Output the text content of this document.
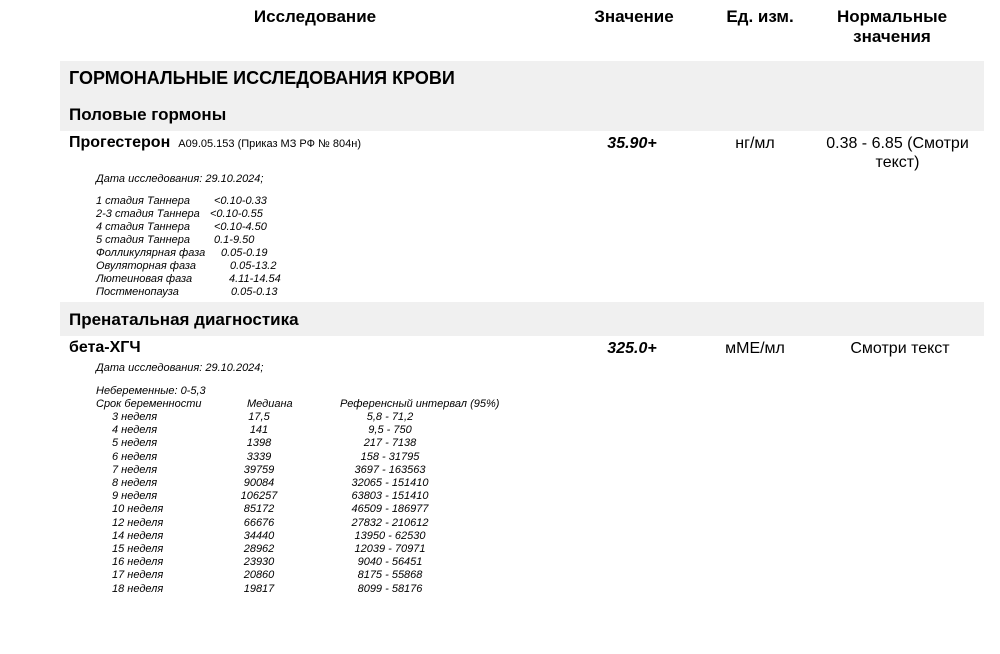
Исследование	Значение	Ед. изм.	Нормальные
значения
ГОРМОНАЛЬНЫЕ ИССЛЕДОВАНИЯ КРОВИ
Половые гормоны
Прогестерон A09.05.153 (Приказ МЗ РФ № 804н)	35.90+	нг/мл	0.38 - 6.85 (Смотри
текст)
Дата исследования: 29.10.2024;
1 стадия Таннера <0.10-0.33
2-3 стадия Таннера <0.10-0.55
4 стадия Таннера <0.10-4.50
5 стадия Таннера 0.1-9.50
Фолликулярная фаза 0.05-0.19
Овуляторная фаза	0.05-13.2
Лютеиновая фаза	4.11-14.54
Постменопауза	0.05-0.13
Пренатальная диагностика
бета-ХГЧ	325.0+	мМЕ/мл	Смотри текст
Дата исследования: 29.10.2024;
Небеременные: 0-5,3
Срок беременности	Медиана	Референсный интервал (95%)
3 неделя	17,5	5,8 - 71,2
4 неделя	141	9,5 - 750
5 неделя	1398	217 - 7138
6 неделя	3339	158 - 31795
7 неделя	39759	3697 - 163563
8 неделя	90084	32065 - 151410
9 неделя	106257	63803 - 151410
10 неделя	85172	46509 - 186977
12 неделя	66676	27832 - 210612
14 неделя	34440	13950 - 62530
15 неделя	28962	12039 - 70971
16 неделя	23930	9040 - 56451
17 неделя	20860	8175 - 55868
18 неделя	19817	8099 - 58176
